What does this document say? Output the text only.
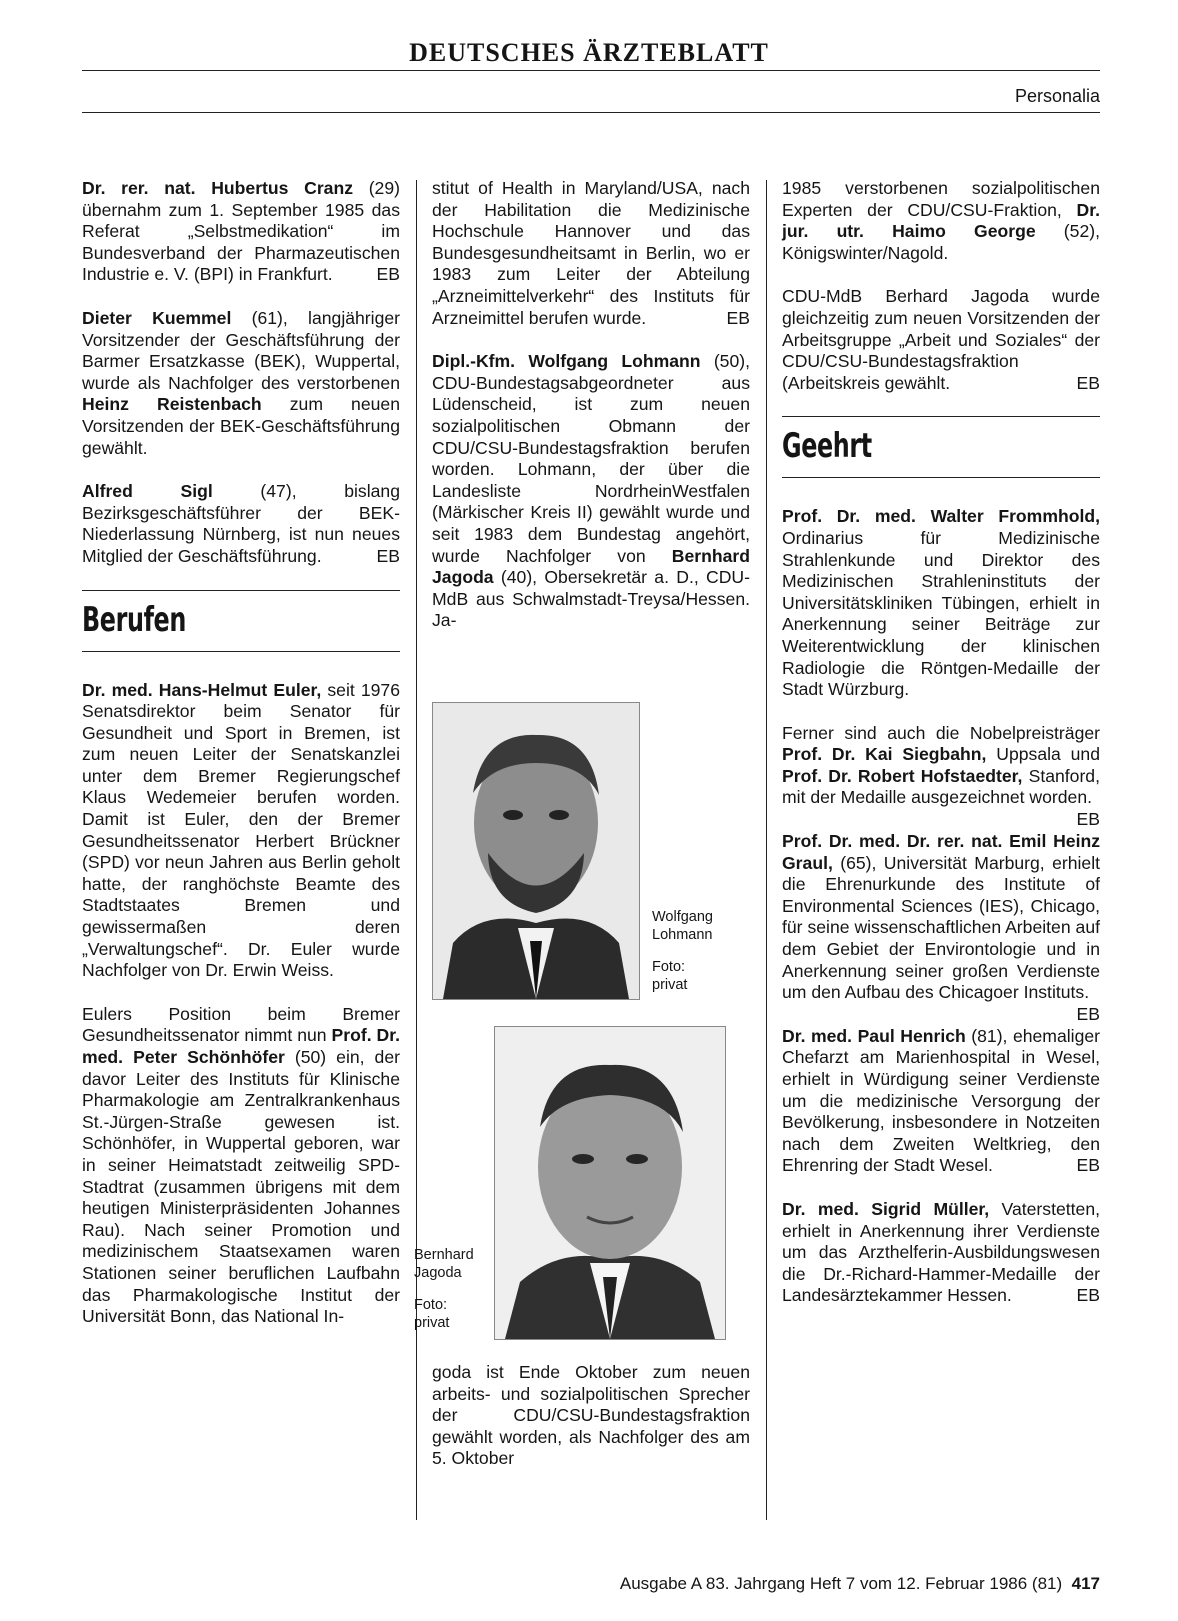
DEUTSCHES ÄRZTEBLATT
Personalia

Dr. rer. nat. Hubertus Cranz (29) übernahm zum 1. September 1985 das Referat „Selbstmedikation“ im Bundesverband der Pharmazeutischen Industrie e. V. (BPI) in Frankfurt. EB

Dieter Kuemmel (61), langjähriger Vorsitzender der Geschäftsführung der Barmer Ersatzkasse (BEK), Wuppertal, wurde als Nachfolger des verstorbenen Heinz Reistenbach zum neuen Vorsitzenden der BEK-Geschäftsführung gewählt.

Alfred Sigl (47), bislang Bezirksgeschäftsführer der BEK-Niederlassung Nürnberg, ist nun neues Mitglied der Geschäftsführung.	EB

Berufen

Dr. med. Hans-Helmut Euler, seit 1976 Senatsdirektor beim Senator für Gesundheit und Sport in Bremen, ist zum neuen Leiter der Senatskanzlei unter dem Bremer Regierungschef Klaus Wedemeier berufen worden. Damit ist Euler, den der Bremer Gesundheitssenator Herbert Brückner (SPD) vor neun Jahren aus Berlin geholt hatte, der ranghöchste Beamte des Stadtstaates Bremen und gewissermaßen deren „Verwaltungschef“. Dr. Euler wurde Nachfolger von Dr. Erwin Weiss.

Eulers Position beim Bremer Gesundheitssenator nimmt nun Prof. Dr. med. Peter Schönhöfer (50) ein, der davor Leiter des Instituts für Klinische Pharmakologie am Zentralkrankenhaus St.-Jürgen-Straße gewesen ist. Schönhöfer, in Wuppertal geboren, war in seiner Heimatstadt zeitweilig SPD-Stadtrat (zusammen übrigens mit dem heutigen Ministerpräsidenten Johannes Rau). Nach seiner Promotion und medizinischem Staatsexamen waren Stationen seiner beruflichen Laufbahn das Pharmakologische Institut der Universität Bonn, das National In-

stitut of Health in Maryland/USA, nach der Habilitation die Medizinische Hochschule Hannover und das Bundesgesundheitsamt in Berlin, wo er 1983 zum Leiter der Abteilung „Arzneimittelverkehr“ des Instituts für Arzneimittel berufen wurde.	EB

Dipl.-Kfm. Wolfgang Lohmann (50), CDU-Bundestagsabgeordneter aus Lüdenscheid, ist zum neuen sozialpolitischen Obmann der CDU/CSU-Bundestagsfraktion berufen worden. Lohmann, der über die Landesliste NordrheinWestfalen (Märkischer Kreis II) gewählt wurde und seit 1983 dem Bundestag angehört, wurde Nachfolger von Bernhard Jagoda (40), Obersekretär a. D., CDU-MdB aus Schwalmstadt-Treysa/Hessen. Ja-

Wolfgang
Lohmann
Foto:
privat
Bernhard
Jagoda
Foto:
privat

goda ist Ende Oktober zum neuen arbeits- und sozialpolitischen Sprecher der CDU/CSU-Bundestagsfraktion gewählt worden, als Nachfolger des am 5. Oktober

1985 verstorbenen sozialpolitischen Experten der CDU/CSU-Fraktion, Dr. jur. utr. Haimo George (52), Königswinter/Nagold.

CDU-MdB Berhard Jagoda wurde gleichzeitig zum neuen Vorsitzenden der Arbeitsgruppe „Arbeit und Soziales“ der CDU/CSU-Bundestagsfraktion (Arbeitskreis gewählt.	EB

Geehrt

Prof. Dr. med. Walter Frommhold, Ordinarius für Medizinische Strahlenkunde und Direktor des Medizinischen Strahleninstituts der Universitätskliniken Tübingen, erhielt in Anerkennung seiner Beiträge zur Weiterentwicklung der klinischen Radiologie die Röntgen-Medaille der Stadt Würzburg.

Ferner sind auch die Nobelpreisträger Prof. Dr. Kai Siegbahn, Uppsala und Prof. Dr. Robert Hofstaedter, Stanford, mit der Medaille ausgezeichnet worden.
EB

Prof. Dr. med. Dr. rer. nat. Emil Heinz Graul, (65), Universität Marburg, erhielt die Ehrenurkunde des Institute of Environmental Sciences (IES), Chicago, für seine wissenschaftlichen Arbeiten auf dem Gebiet der Environtologie und in Anerkennung seiner großen Verdienste um den Aufbau des Chicagoer Instituts.
EB

Dr. med. Paul Henrich (81), ehemaliger Chefarzt am Marienhospital in Wesel, erhielt in Würdigung seiner Verdienste um die medizinische Versorgung der Bevölkerung, insbesondere in Notzeiten nach dem Zweiten Weltkrieg, den Ehrenring der Stadt Wesel.	EB

Dr. med. Sigrid Müller, Vaterstetten, erhielt in Anerkennung ihrer Verdienste um das Arzthelferin-Ausbildungswesen die Dr.-Richard-Hammer-Medaille der Landesärztekammer Hessen.	EB

Ausgabe A 83. Jahrgang Heft 7 vom 12. Februar 1986 (81) 417
